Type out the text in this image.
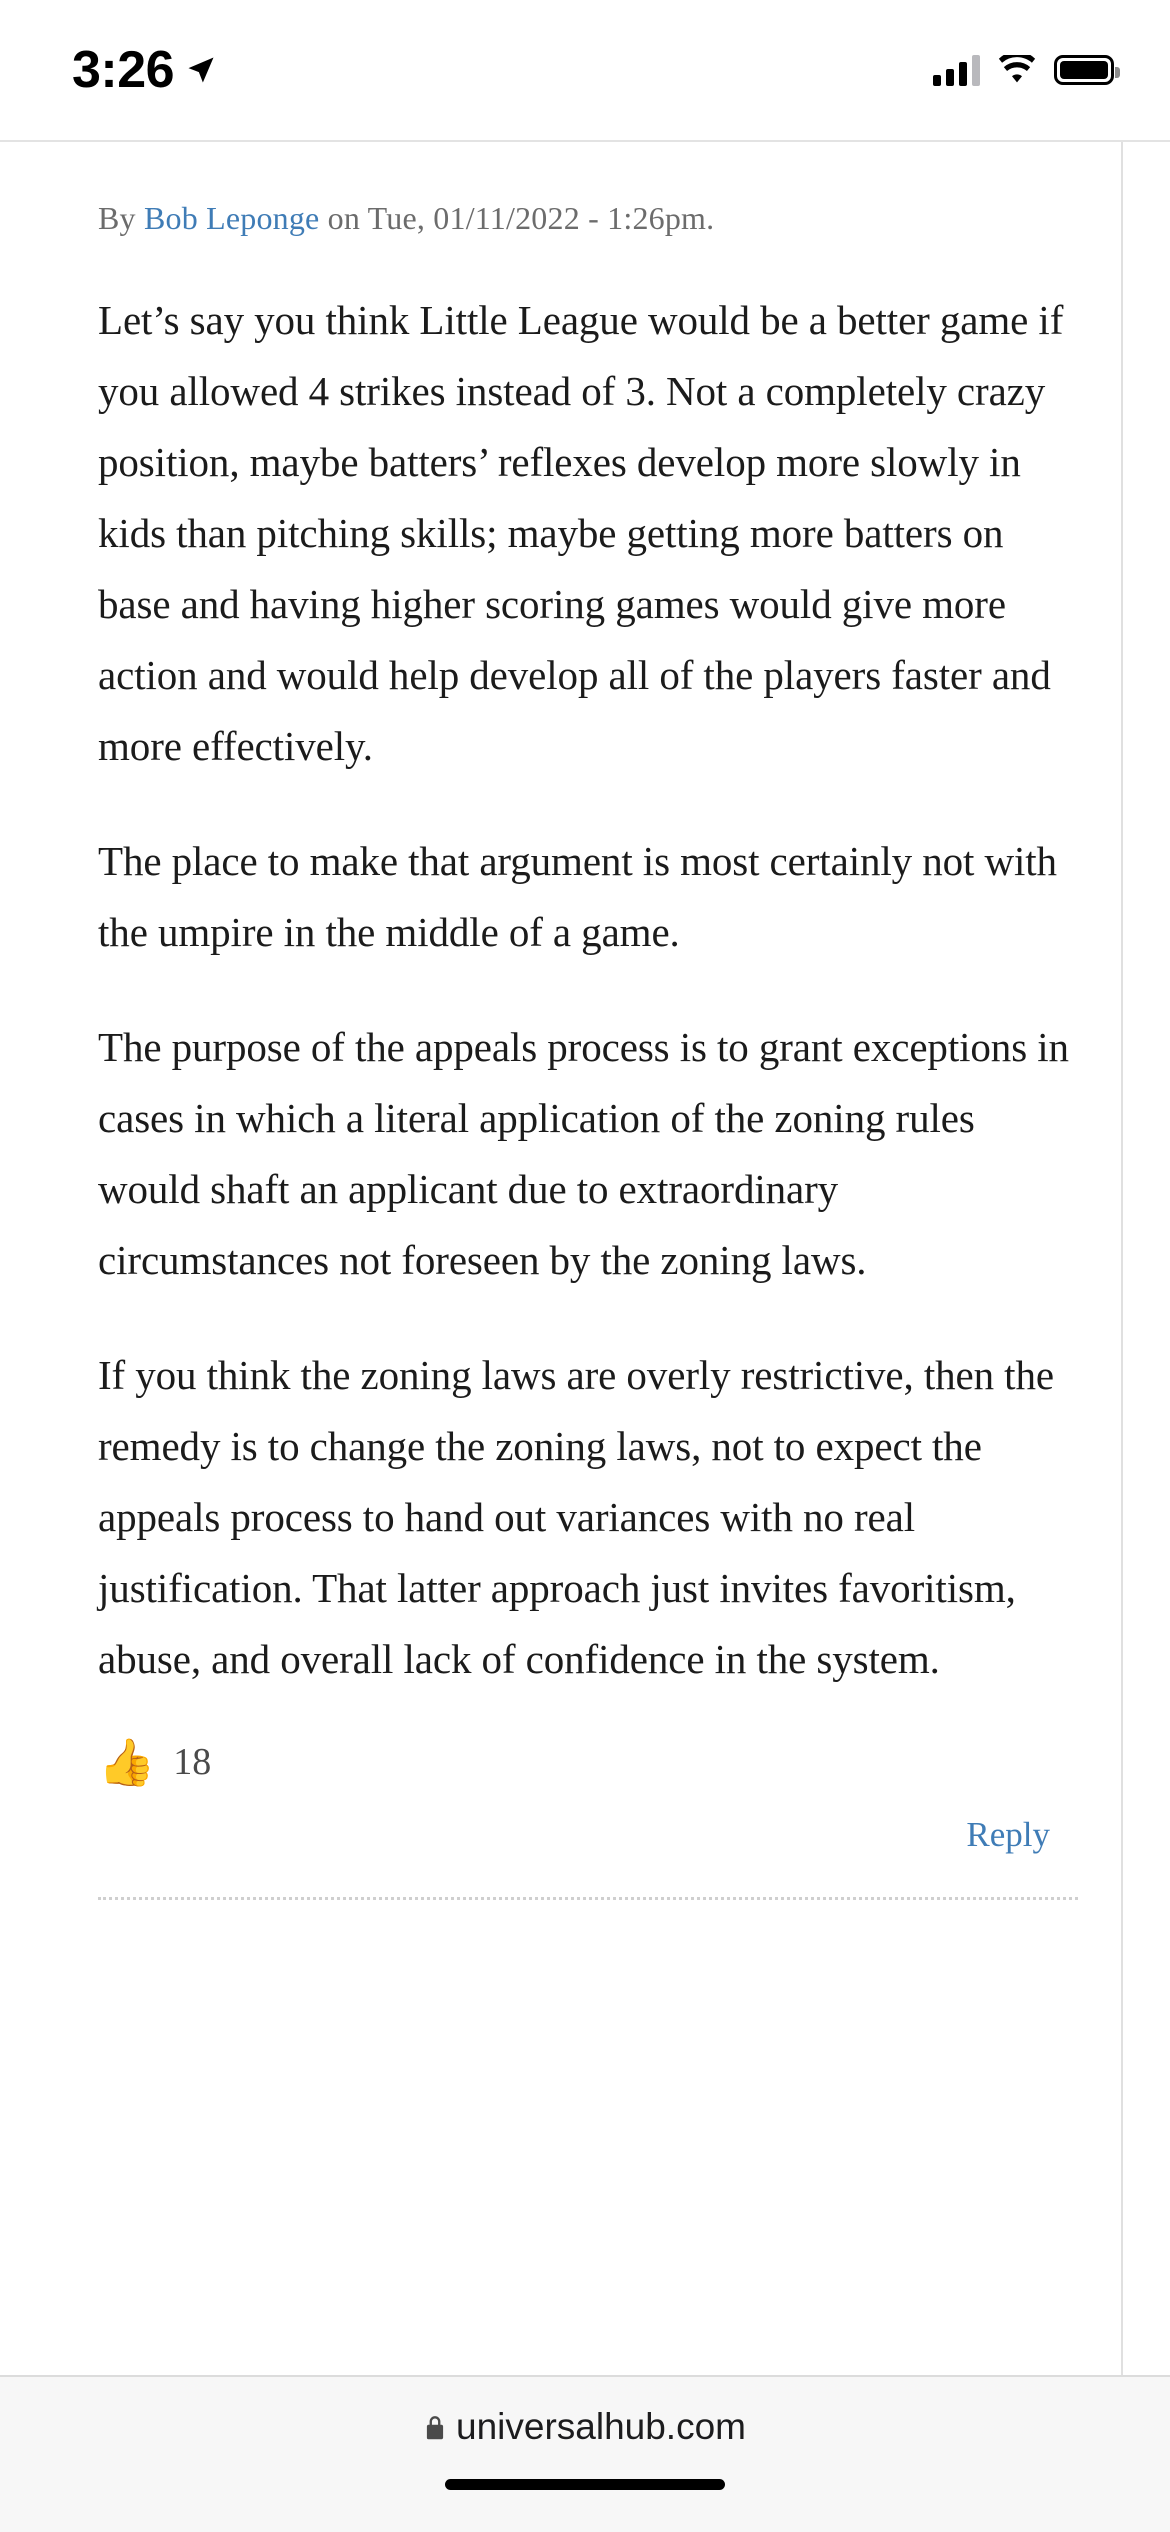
3:26
By Bob Leponge on Tue, 01/11/2022 - 1:26pm.

Let’s say you think Little League would be a better game if you allowed 4 strikes instead of 3. Not a completely crazy position, maybe batters’ reflexes develop more slowly in kids than pitching skills; maybe getting more batters on base and having higher scoring games would give more action and would help develop all of the players faster and more effectively.

The place to make that argument is most certainly not with the umpire in the middle of a game.

The purpose of the appeals process is to grant exceptions in cases in which a literal application of the zoning rules would shaft an applicant due to extraordinary circumstances not foreseen by the zoning laws.

If you think the zoning laws are overly restrictive, then the remedy is to change the zoning laws, not to expect the appeals process to hand out variances with no real justification. That latter approach just invites favoritism, abuse, and overall lack of confidence in the system.

👍 18
Reply
universalhub.com
